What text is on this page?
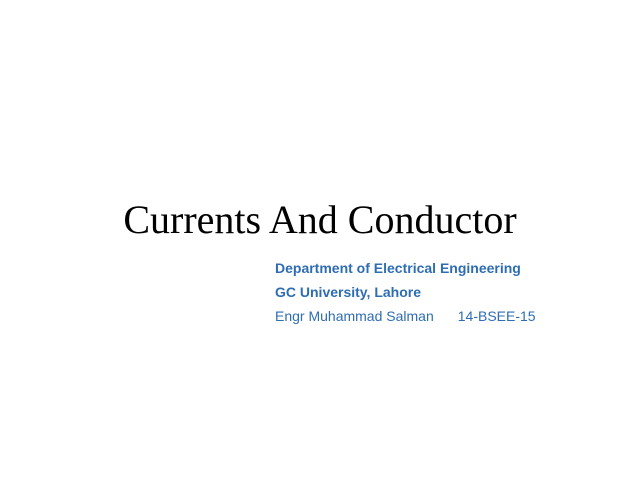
Currents And Conductor
Department of Electrical Engineering
GC University, Lahore
Engr Muhammad Salman 14-BSEE-15
